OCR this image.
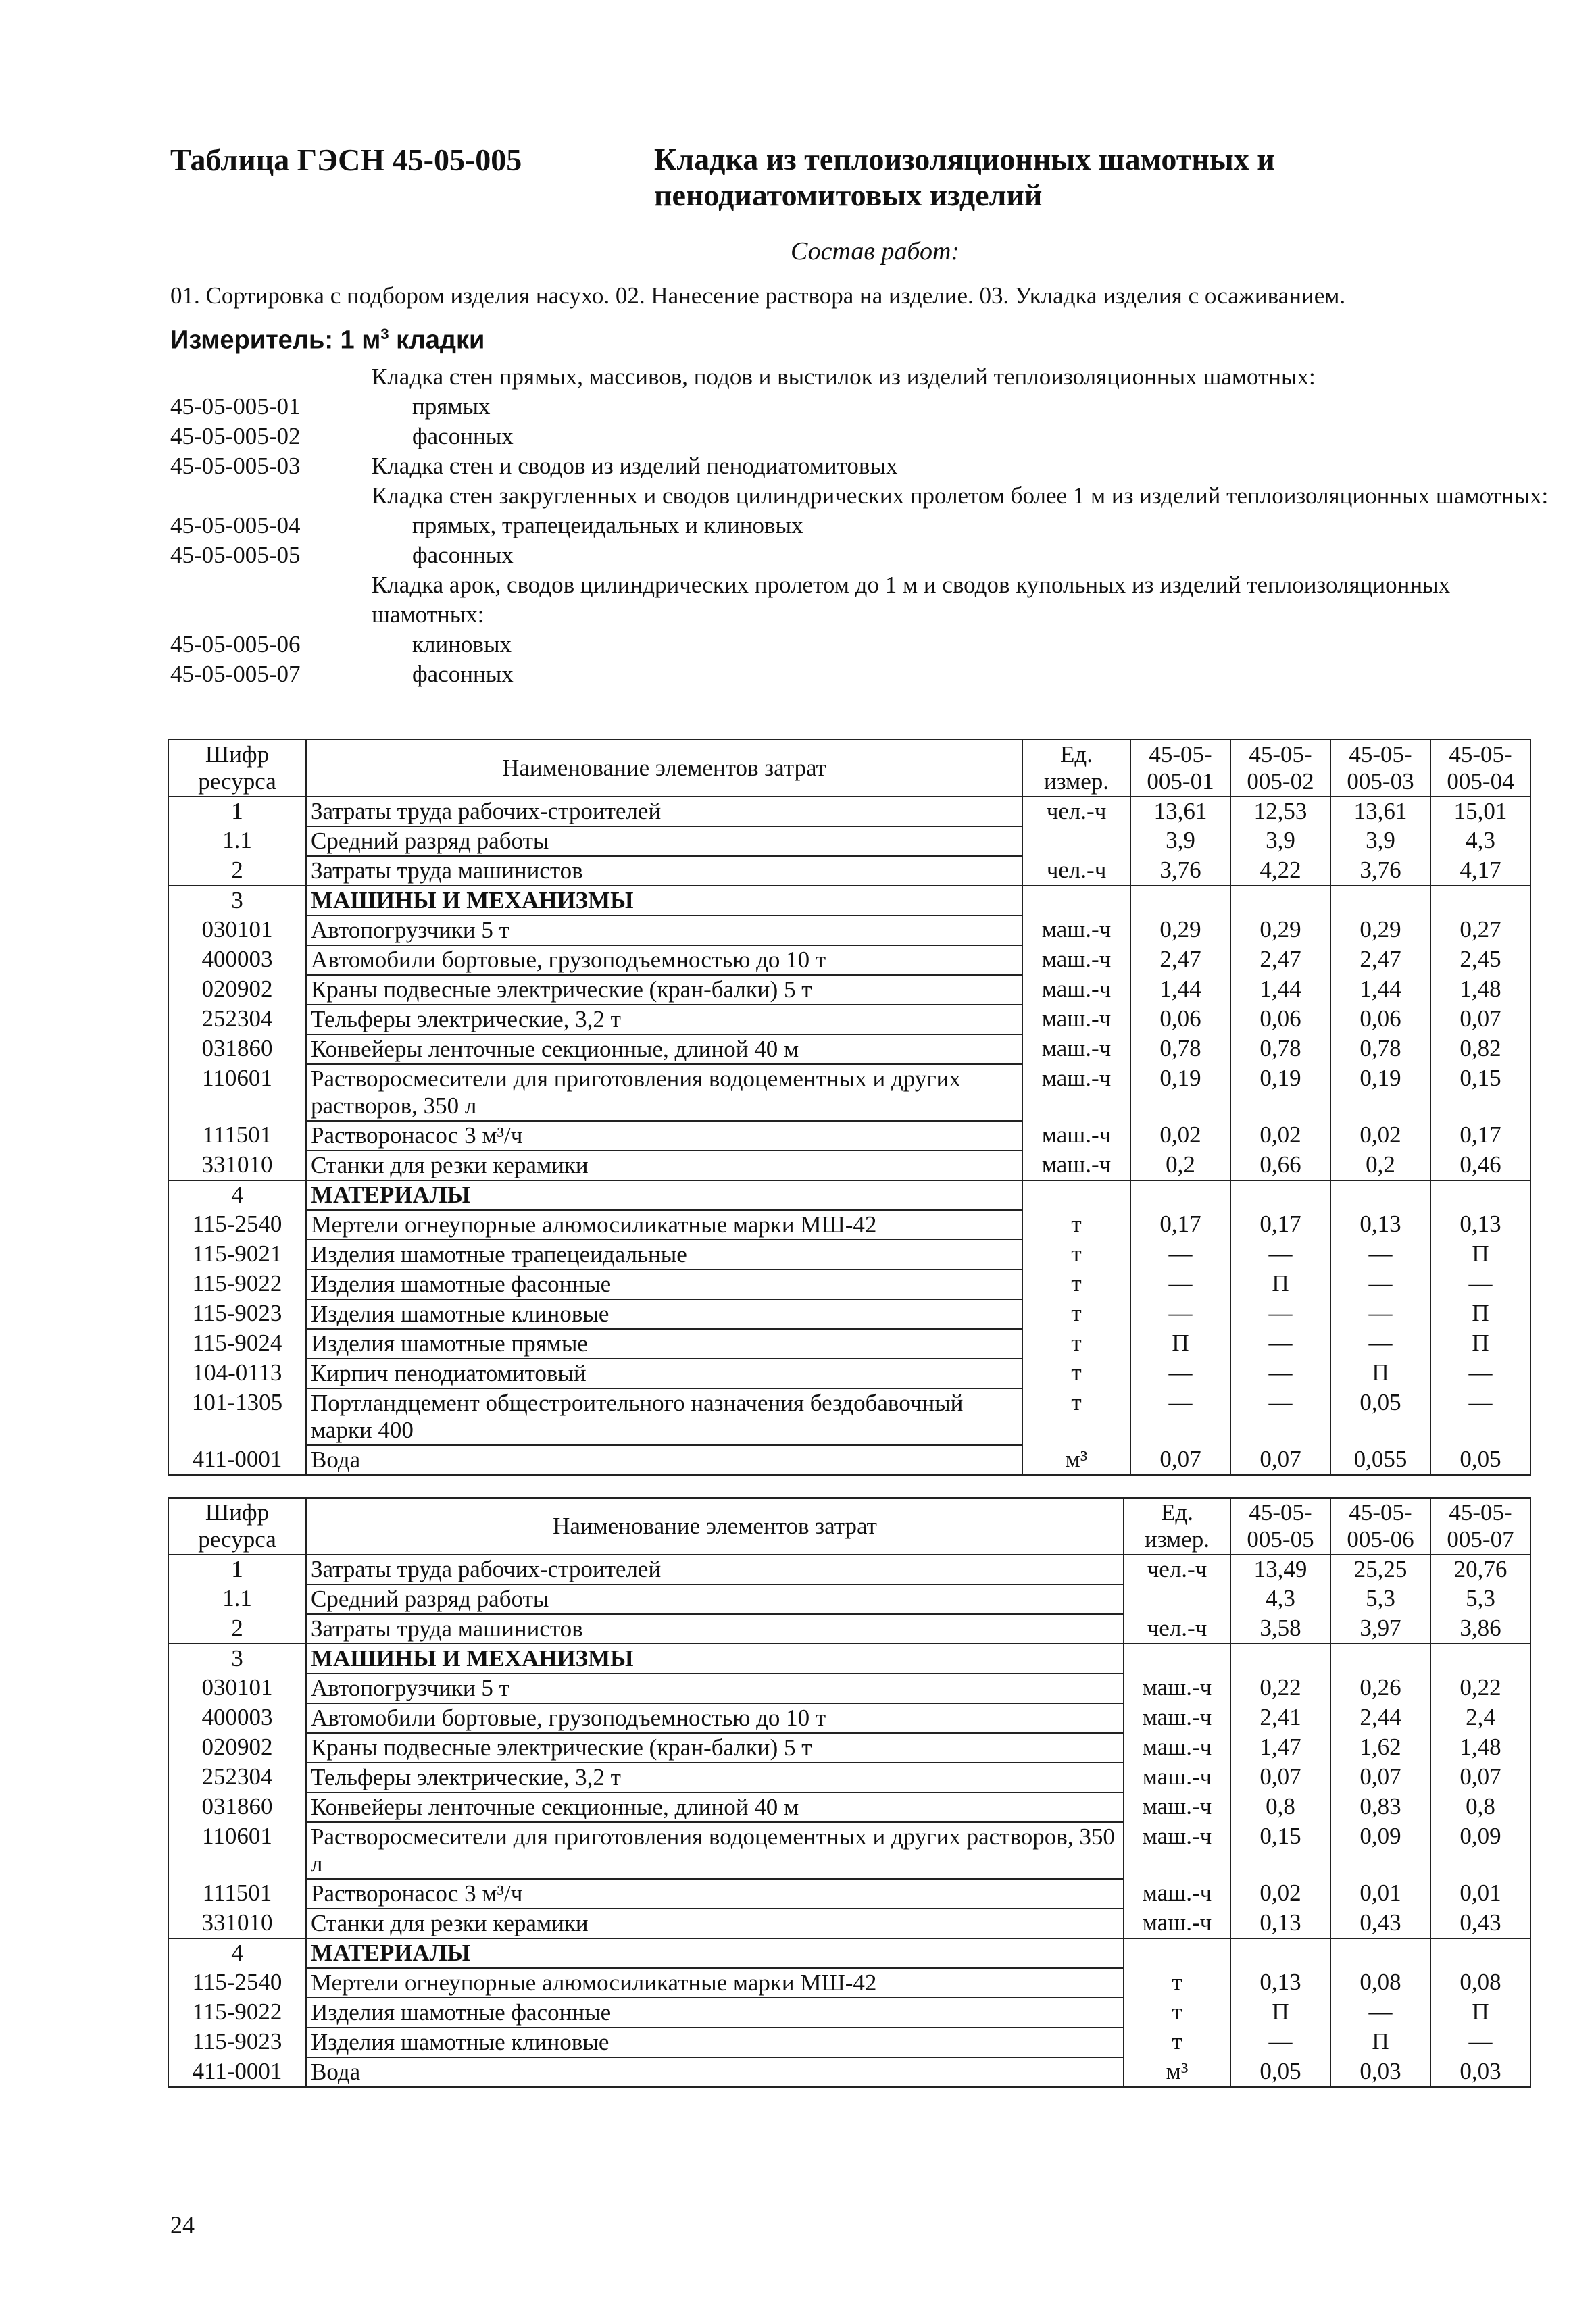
Таблица ГЭСН 45-05-005	Кладка из теплоизоляционных шамотных и пенодиатомитовых изделий
Состав работ:
01. Сортировка с подбором изделия насухо. 02. Нанесение раствора на изделие. 03. Укладка изделия с осаживанием.
Измеритель: 1 $м^3$ кладки
Кладка стен прямых, массивов, подов и выстилок из изделий теплоизоляционных шамотных:
45-05-005-01	прямых
45-05-005-02	фасонных
45-05-005-03	Кладка стен и сводов из изделий пенодиатомитовых
Кладка стен закругленных и сводов цилиндрических пролетом более 1 м из изделий теплоизоляционных шамотных:
45-05-005-04	прямых, трапецеидальных и клиновых
45-05-005-05	фасонных
Кладка арок, сводов цилиндрических пролетом до 1 м и сводов купольных из изделий теплоизоляционных шамотных:
45-05-005-06	клиновых
45-05-005-07	фасонных
Шифр ресурса	Наименование элементов затрат	Ед. измер.	45-05-005-01	45-05-005-02	45-05-005-03	45-05-005-04
1	Затраты труда рабочих-строителей	чел.-ч	13,61	12,53	13,61	15,01
1.1	Средний разряд работы		3,9	3,9	3,9	4,3
2	Затраты труда машинистов	чел.-ч	3,76	4,22	3,76	4,17
3	МАШИНЫ И МЕХАНИЗМЫ					
030101	Автопогрузчики 5 т	маш.-ч	0,29	0,29	0,29	0,27
400003	Автомобили бортовые, грузоподъемностью до 10 т	маш.-ч	2,47	2,47	2,47	2,45
020902	Краны подвесные электрические (кран-балки) 5 т	маш.-ч	1,44	1,44	1,44	1,48
252304	Тельферы электрические, 3,2 т	маш.-ч	0,06	0,06	0,06	0,07
031860	Конвейеры ленточные секционные, длиной 40 м	маш.-ч	0,78	0,78	0,78	0,82
110601	Растворосмесители для приготовления водоцементных и других растворов, 350 л	маш.-ч	0,19	0,19	0,19	0,15
111501	Растворонасос 3 м³/ч	маш.-ч	0,02	0,02	0,02	0,17
331010	Станки для резки керамики	маш.-ч	0,2	0,66	0,2	0,46
4	МАТЕРИАЛЫ					
115-2540	Мертели огнеупорные алюмосиликатные марки МШ-42	т	0,17	0,17	0,13	0,13
115-9021	Изделия шамотные трапецеидальные	т	—	—	—	П
115-9022	Изделия шамотные фасонные	т	—	П	—	—
115-9023	Изделия шамотные клиновые	т	—	—	—	П
115-9024	Изделия шамотные прямые	т	П	—	—	П
104-0113	Кирпич пенодиатомитовый	т	—	—	П	—
101-1305	Портландцемент общестроительного назначения бездобавочный марки 400	т	—	—	0,05	—
411-0001	Вода	м³	0,07	0,07	0,055	0,05
Шифр ресурса	Наименование элементов затрат	Ед. измер.	45-05-005-05	45-05-005-06	45-05-005-07
1	Затраты труда рабочих-строителей	чел.-ч	13,49	25,25	20,76
1.1	Средний разряд работы		4,3	5,3	5,3
2	Затраты труда машинистов	чел.-ч	3,58	3,97	3,86
3	МАШИНЫ И МЕХАНИЗМЫ				
030101	Автопогрузчики 5 т	маш.-ч	0,22	0,26	0,22
400003	Автомобили бортовые, грузоподъемностью до 10 т	маш.-ч	2,41	2,44	2,4
020902	Краны подвесные электрические (кран-балки) 5 т	маш.-ч	1,47	1,62	1,48
252304	Тельферы электрические, 3,2 т	маш.-ч	0,07	0,07	0,07
031860	Конвейеры ленточные секционные, длиной 40 м	маш.-ч	0,8	0,83	0,8
110601	Растворосмесители для приготовления водоцементных и других растворов, 350 л	маш.-ч	0,15	0,09	0,09
111501	Растворонасос 3 м³/ч	маш.-ч	0,02	0,01	0,01
331010	Станки для резки керамики	маш.-ч	0,13	0,43	0,43
4	МАТЕРИАЛЫ				
115-2540	Мертели огнеупорные алюмосиликатные марки МШ-42	т	0,13	0,08	0,08
115-9022	Изделия шамотные фасонные	т	П	—	П
115-9023	Изделия шамотные клиновые	т	—	П	—
411-0001	Вода	м³	0,05	0,03	0,03
24
